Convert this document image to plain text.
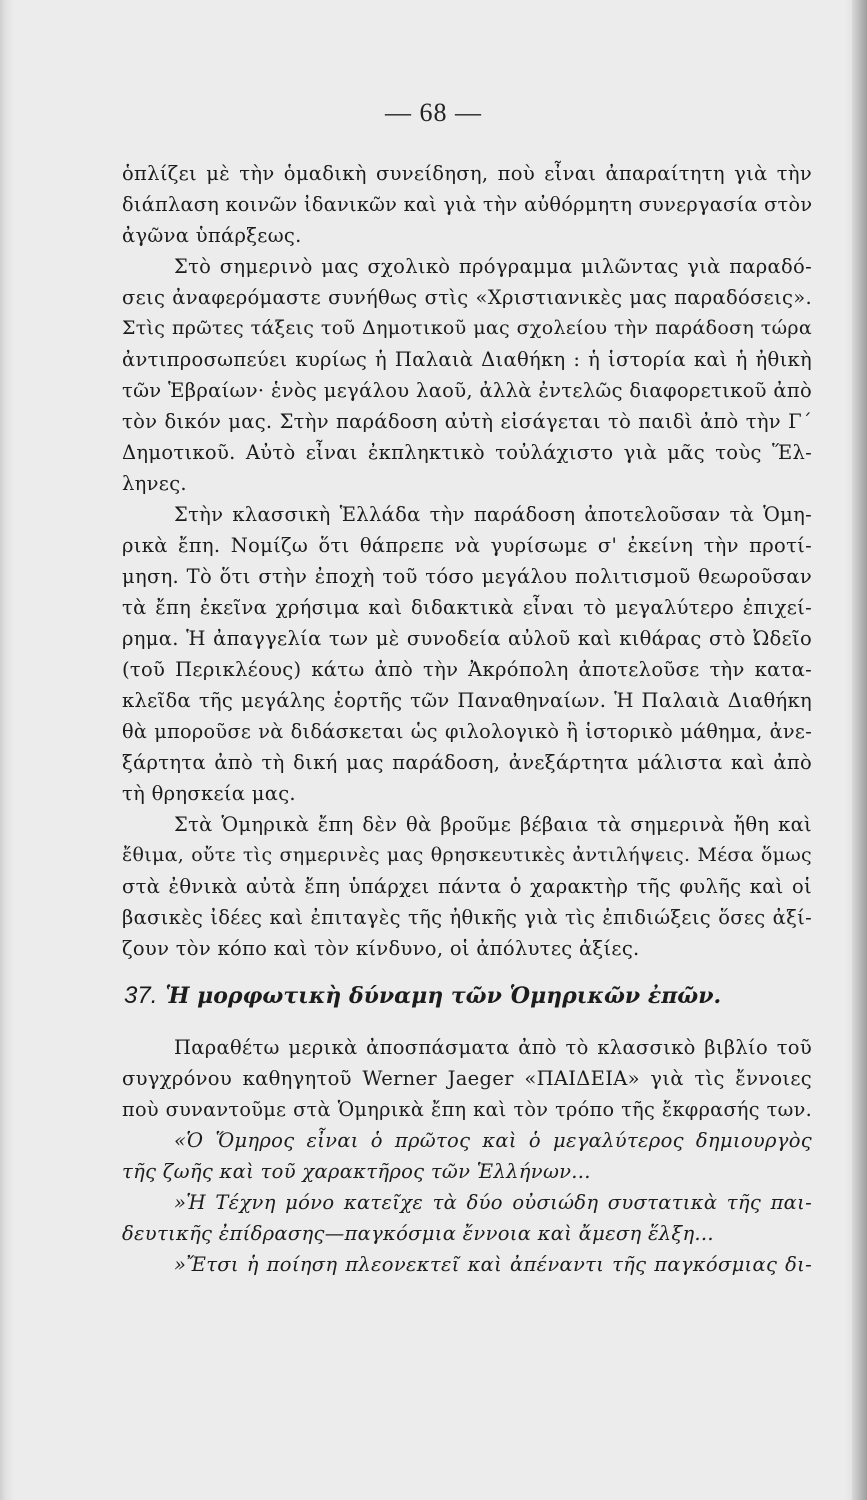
— 68 —
ὁπλίζει μὲ τὴν ὁμαδικὴ συνείδηση, ποὺ εἶναι ἀπαραίτητη γιὰ τὴν
διάπλαση κοινῶν ἰδανικῶν καὶ γιὰ τὴν αὐθόρμητη συνεργασία στὸν
ἀγῶνα ὑπάρξεως.
Στὸ σημερινὸ μας σχολικὸ πρόγραμμα μιλῶντας γιὰ παραδό-
σεις ἀναφερόμαστε συνήθως στὶς «Χριστιανικὲς μας παραδόσεις».
Στὶς πρῶτες τάξεις τοῦ Δημοτικοῦ μας σχολείου τὴν παράδοση τώρα
ἀντιπροσωπεύει κυρίως ἡ Παλαιὰ Διαθήκη : ἡ ἱστορία καὶ ἡ ἠθικὴ
τῶν Ἑβραίων· ἑνὸς μεγάλου λαοῦ, ἀλλὰ ἐντελῶς διαφορετικοῦ ἀπὸ
τὸν δικόν μας. Στὴν παράδοση αὐτὴ εἰσάγεται τὸ παιδὶ ἀπὸ τὴν Γ΄
Δημοτικοῦ. Αὐτὸ εἶναι ἐκπληκτικὸ τοὐλάχιστο γιὰ μᾶς τοὺς Ἕλ-
ληνες.
Στὴν κλασσικὴ Ἑλλάδα τὴν παράδοση ἀποτελοῦσαν τὰ Ὁμη-
ρικὰ ἔπη. Νομίζω ὅτι θάπρεπε νὰ γυρίσωμε σ' ἐκείνη τὴν προτί-
μηση. Τὸ ὅτι στὴν ἐποχὴ τοῦ τόσο μεγάλου πολιτισμοῦ θεωροῦσαν
τὰ ἔπη ἐκεῖνα χρήσιμα καὶ διδακτικὰ εἶναι τὸ μεγαλύτερο ἐπιχεί-
ρημα. Ἡ ἀπαγγελία των μὲ συνοδεία αὐλοῦ καὶ κιθάρας στὸ Ὠδεῖο
(τοῦ Περικλέους) κάτω ἀπὸ τὴν Ἀκρόπολη ἀποτελοῦσε τὴν κατα-
κλεῖδα τῆς μεγάλης ἑορτῆς τῶν Παναθηναίων. Ἡ Παλαιὰ Διαθήκη
θὰ μποροῦσε νὰ διδάσκεται ὡς φιλολογικὸ ἢ ἱστορικὸ μάθημα, ἀνε-
ξάρτητα ἀπὸ τὴ δική μας παράδοση, ἀνεξάρτητα μάλιστα καὶ ἀπὸ
τὴ θρησκεία μας.
Στὰ Ὁμηρικὰ ἔπη δὲν θὰ βροῦμε βέβαια τὰ σημερινὰ ἤθη καὶ
ἔθιμα, οὔτε τὶς σημερινὲς μας θρησκευτικὲς ἀντιλήψεις. Μέσα ὅμως
στὰ ἐθνικὰ αὐτὰ ἔπη ὑπάρχει πάντα ὁ χαρακτὴρ τῆς φυλῆς καὶ οἱ
βασικὲς ἰδέες καὶ ἐπιταγὲς τῆς ἠθικῆς γιὰ τὶς ἐπιδιώξεις ὅσες ἀξί-
ζουν τὸν κόπο καὶ τὸν κίνδυνο, οἱ ἀπόλυτες ἀξίες.
37. Ἡ μορφωτικὴ δύναμη τῶν Ὁμηρικῶν ἐπῶν.
Παραθέτω μερικὰ ἀποσπάσματα ἀπὸ τὸ κλασσικὸ βιβλίο τοῦ
συγχρόνου καθηγητοῦ Werner Jaeger «ΠΑΙΔΕΙΑ» γιὰ τὶς ἔννοιες
ποὺ συναντοῦμε στὰ Ὁμηρικὰ ἔπη καὶ τὸν τρόπο τῆς ἔκφρασής των.
«Ὁ Ὅμηρος εἶναι ὁ πρῶτος καὶ ὁ μεγαλύτερος δημιουργὸς
τῆς ζωῆς καὶ τοῦ χαρακτῆρος τῶν Ἑλλήνων...
»Ἡ Τέχνη μόνο κατεῖχε τὰ δύο οὐσιώδη συστατικὰ τῆς παι-
δευτικῆς ἐπίδρασης—παγκόσμια ἔννοια καὶ ἄμεση ἕλξη...
»Ἔτσι ἡ ποίηση πλεονεκτεῖ καὶ ἀπέναντι τῆς παγκόσμιας δι-
